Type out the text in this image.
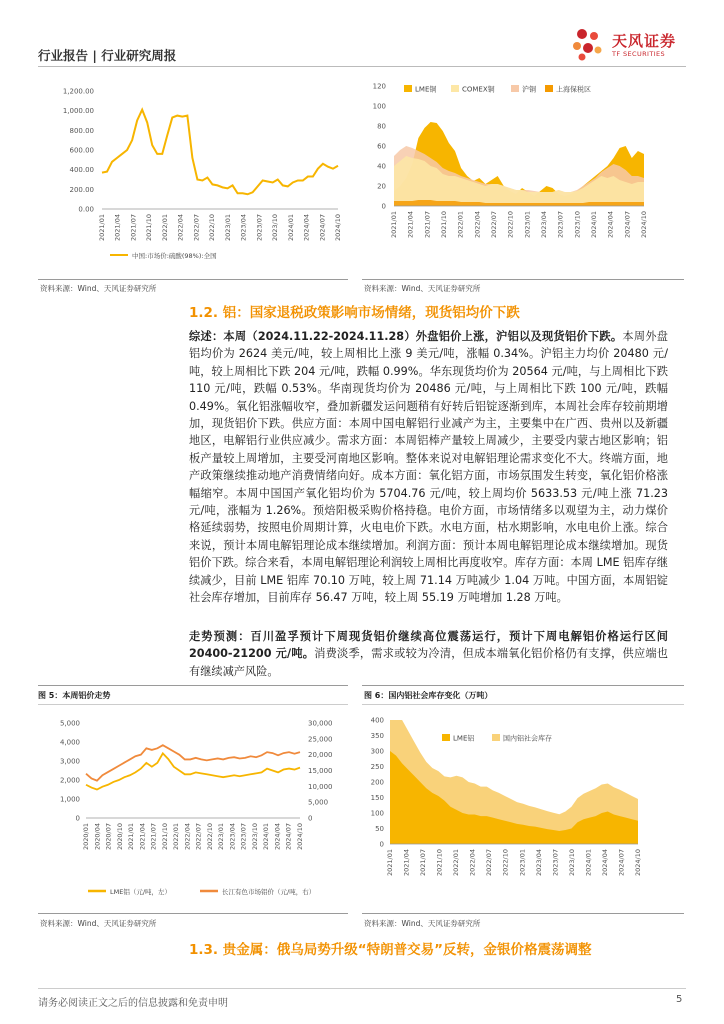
行业报告 | 行业研究周报
天风证券
TF SECURITIES
0.00
200.00
400.00
600.00
800.00
1,000.00
1,200.00
2021/01 2021/04 2021/07 2021/10 2022/01 2022/04 2022/07 2022/10 2023/01 2023/04 2023/07 2023/10 2024/01 2024/04 2024/07 2024/10
中国:市场价:硫酸(98%):全国
资料来源：Wind、天风证券研究所
0
20
40
60
80
100
120
2021/01 2021/04 2021/07 2021/10 2022/01 2022/04 2022/07 2022/10 2023/01 2023/04 2023/07 2023/10 2024/01 2024/04 2024/07 2024/10
LME铜	COMEX铜	沪铜	上海保税区
资料来源：Wind、天风证券研究所
1.2. 铝：国家退税政策影响市场情绪，现货铝均价下跌
综述：本周（2024.11.22-2024.11.28）外盘铝价上涨，沪铝以及现货铝价下跌。本周外盘铝均价为 2624 美元/吨，较上周相比上涨 9 美元/吨，涨幅 0.34%。沪铝主力均价 20480 元/吨，较上周相比下跌 204 元/吨，跌幅 0.99%。华东现货均价为 20564 元/吨，与上周相比下跌 110 元/吨，跌幅 0.53%。华南现货均价为 20486 元/吨，与上周相比下跌 100 元/吨，跌幅 0.49%。氧化铝涨幅收窄，叠加新疆发运问题稍有好转后铝锭逐渐到库，本周社会库存较前期增加，现货铝价下跌。供应方面：本周中国电解铝行业减产为主，主要集中在广西、贵州以及新疆地区，电解铝行业供应减少。需求方面：本周铝棒产量较上周减少，主要受内蒙古地区影响；铝板产量较上周增加，主要受河南地区影响。整体来说对电解铝理论需求变化不大。终端方面，地产政策继续推动地产消费情绪向好。成本方面：氧化铝方面，市场氛围发生转变，氧化铝价格涨幅缩窄。本周中国国产氧化铝均价为 5704.76 元/吨，较上周均价 5633.53 元/吨上涨 71.23 元/吨，涨幅为 1.26%。预焙阳极采购价格持稳。电价方面，市场情绪多以观望为主，动力煤价格延续弱势，按照电价周期计算，火电电价下跌。水电方面，枯水期影响，水电电价上涨。综合来说，预计本周电解铝理论成本继续增加。利润方面：预计本周电解铝理论成本继续增加。现货铝价下跌。综合来看，本周电解铝理论利润较上周相比再度收窄。库存方面：本周 LME 铝库存继续减少，目前 LME 铝库 70.10 万吨，较上周 71.14 万吨减少 1.04 万吨。中国方面，本周铝锭社会库存增加，目前库存 56.47 万吨，较上周 55.19 万吨增加 1.28 万吨。
走势预测：百川盈孚预计下周现货铝价继续高位震荡运行，预计下周电解铝价格运行区间 20400-21200 元/吨。消费淡季，需求或较为冷清，但成本端氧化铝价格仍有支撑，供应端也有继续减产风险。
图 5：本周铝价走势
0
1,000
2,000
3,000
4,000
5,000
0
5,000
10,000
15,000
20,000
25,000
30,000
2020/01 2020/04 2020/07 2020/10 2021/01 2021/04 2021/07 2021/10 2022/01 2022/04 2022/07 2022/10 2023/01 2023/04 2023/07 2023/10 2024/01 2024/04 2024/07 2024/10
LME铝（元/吨，左）	长江有色市场铝价（元/吨，右）
资料来源：Wind、天风证券研究所
图 6：国内铝社会库存变化（万吨）
0
50
100
150
200
250
300
350
400
2021/01 2021/04 2021/07 2021/10 2022/01 2022/04 2022/07 2022/10 2023/01 2023/04 2023/07 2023/10 2024/01 2024/04 2024/07 2024/10
LME铝	国内铝社会库存
资料来源：Wind、天风证券研究所
1.3. 贵金属：俄乌局势升级“特朗普交易”反转，金银价格震荡调整
请务必阅读正文之后的信息披露和免责申明	5
